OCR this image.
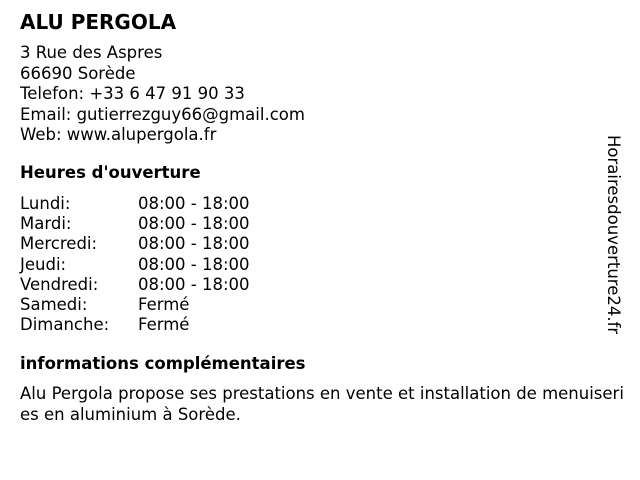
ALU PERGOLA
3 Rue des Aspres
66690 Sorède
Telefon: +33 6 47 91 90 33
Email: gutierrezguy66@gmail.com
Web: www.alupergola.fr
Heures d'ouverture
Lundi:	08:00 - 18:00
Mardi:	08:00 - 18:00
Mercredi:	08:00 - 18:00
Jeudi:	08:00 - 18:00
Vendredi:	08:00 - 18:00
Samedi:	Fermé
Dimanche:	Fermé
informations complémentaires
Alu Pergola propose ses prestations en vente et installation de menuiseries en aluminium à Sorède.
Horairesdouverture24.fr
